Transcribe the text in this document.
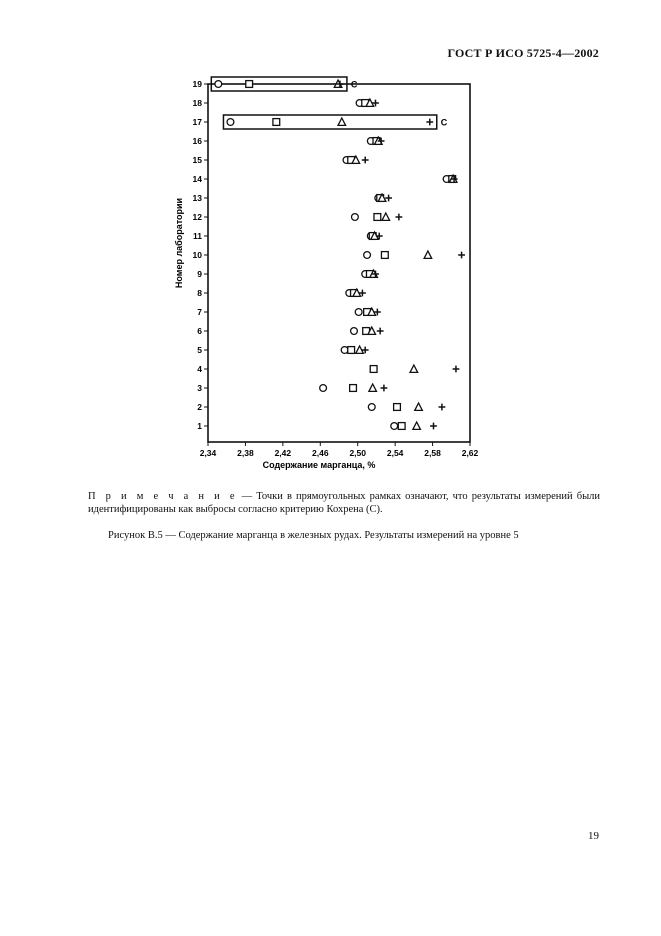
ГОСТ Р ИСО 5725-4—2002
2,34 2,38 2,42 2,46 2,50 2,54 2,58 2,62
Содержание марганца, %
Номер лаборатории
1
2
3
4
5
6
7
8
9
10
11
12
13
14
15
16
17
18
19
C
C
П р и м е ч а н и е — Точки в прямоугольных рамках означают, что результаты измерений были идентифицированы как выбросы согласно критерию Кохрена (С).
Рисунок В.5 — Содержание марганца в железных рудах. Результаты измерений на уровне 5
19
